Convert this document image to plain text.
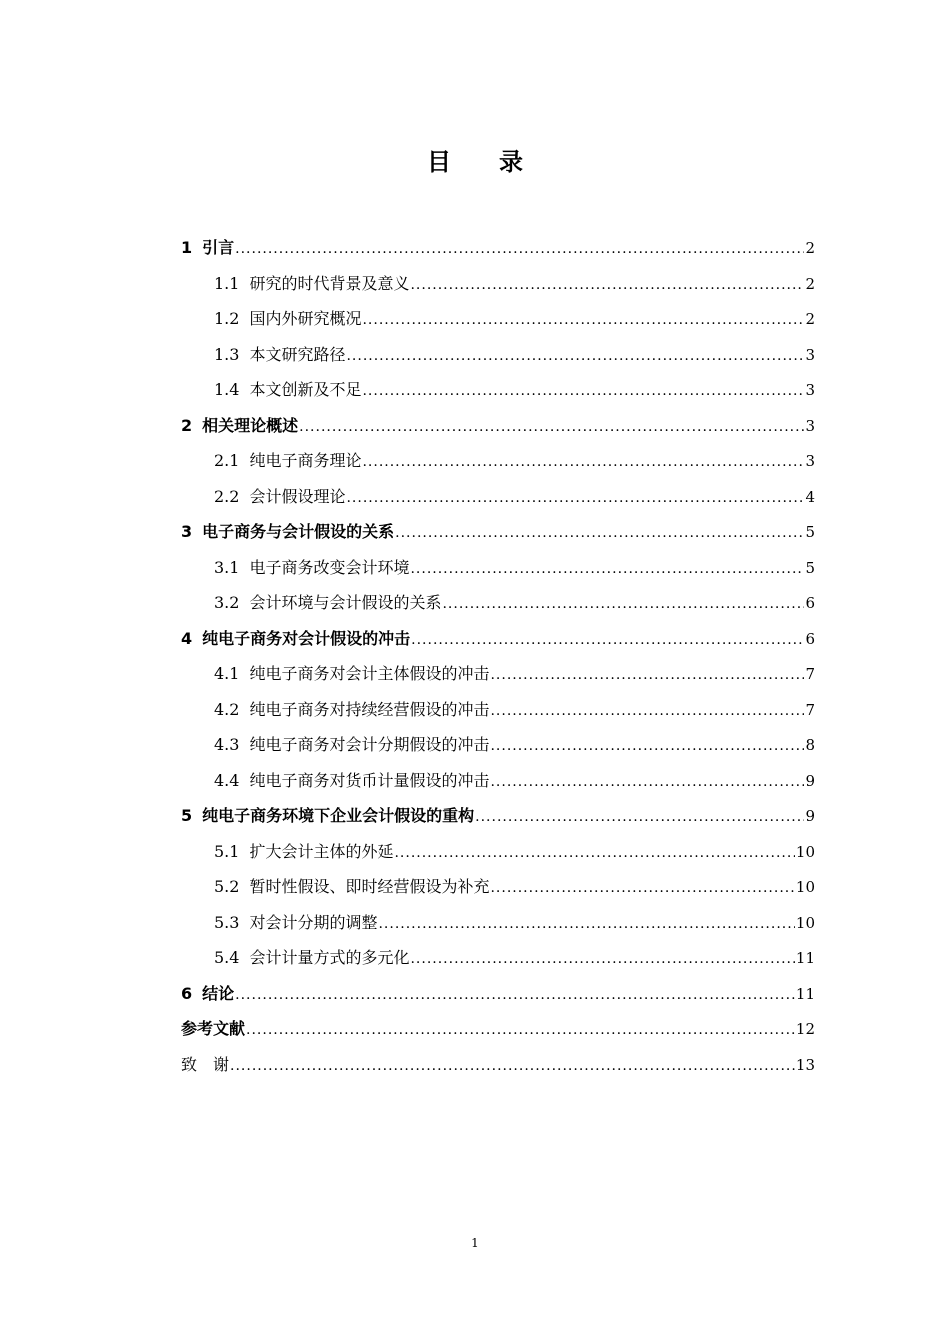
目　　录
1 引言 .....	2
1.1 研究的时代背景及意义 .....	2
1.2 国内外研究概况 .....	2
1.3 本文研究路径 .....	3
1.4 本文创新及不足 .....	3
2 相关理论概述 .....	3
2.1 纯电子商务理论 .....	3
2.2 会计假设理论 .....	4
3 电子商务与会计假设的关系 .....	5
3.1 电子商务改变会计环境 .....	5
3.2 会计环境与会计假设的关系 .....	6
4 纯电子商务对会计假设的冲击 .....	6
4.1 纯电子商务对会计主体假设的冲击 .....	7
4.2 纯电子商务对持续经营假设的冲击 .....	7
4.3 纯电子商务对会计分期假设的冲击 .....	8
4.4 纯电子商务对货币计量假设的冲击 .....	9
5 纯电子商务环境下企业会计假设的重构 .....	9
5.1 扩大会计主体的外延 .....	10
5.2 暂时性假设、即时经营假设为补充 .....	10
5.3 对会计分期的调整 .....	10
5.4 会计计量方式的多元化 .....	11
6 结论 .....	11
参考文献 .....	12
致　谢 .....	13
1
